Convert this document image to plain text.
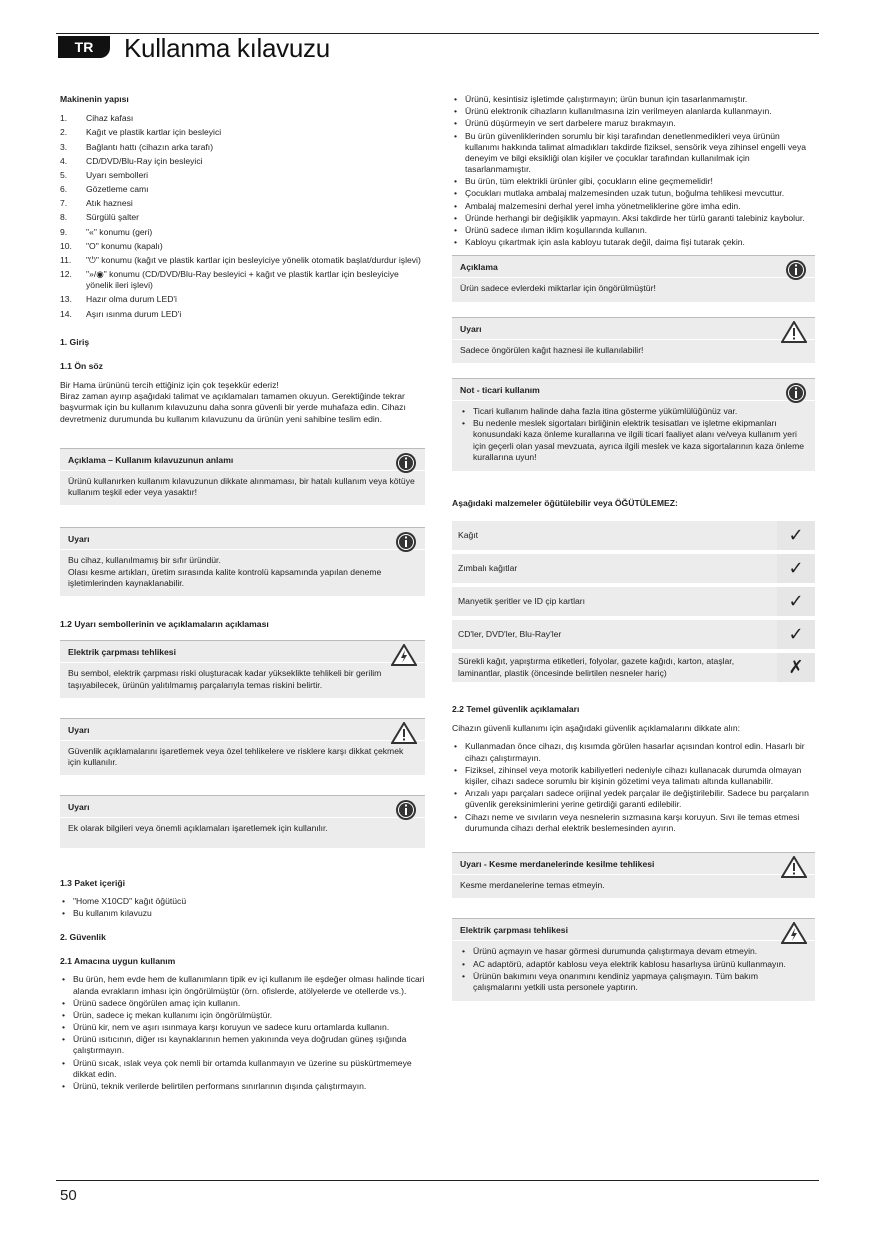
TR	Kullanma kılavuzu

Makinenin yapısı

1. Cihaz kafası
2. Kağıt ve plastik kartlar için besleyici
3. Bağlantı hattı (cihazın arka tarafı)
4. CD/DVD/Blu-Ray için besleyici
5. Uyarı sembolleri
6. Gözetleme camı
7. Atık haznesi
8. Sürgülü şalter
9. "«" konumu (geri)
10. "O" konumu (kapalı)
11. "⏻" konumu (kağıt ve plastik kartlar için besleyiciye yönelik otomatik başlat/durdur işlevi)
12. "»/◉" konumu (CD/DVD/Blu-Ray besleyici + kağıt ve plastik kartlar için besleyiciye yönelik ileri işlevi)
13. Hazır olma durum LED'i
14. Aşırı ısınma durum LED'i

1. Giriş

1.1 Ön söz

Bir Hama ürününü tercih ettiğiniz için çok teşekkür ederiz!

Biraz zaman ayırıp aşağıdaki talimat ve açıklamaları tamamen okuyun. Gerektiğinde tekrar başvurmak için bu kullanım kılavuzunu daha sonra güvenli bir yerde muhafaza edin. Cihazı devretmeniz durumunda bu kullanım kılavuzunu da ürünün yeni sahibine teslim edin.

Açıklama – Kullanım kılavuzunun anlamı

Ürünü kullanırken kullanım kılavuzunun dikkate alınmaması, bir hatalı kullanım veya kötüye kullanım teşkil eder veya yasaktır!

Uyarı

Bu cihaz, kullanılmamış bir sıfır üründür.

Olası kesme artıkları, üretim sırasında kalite kontrolü kapsamında yapılan deneme işletimlerinden kaynaklanabilir.

1.2 Uyarı sembollerinin ve açıklamaların açıklaması

Elektrik çarpması tehlikesi

Bu sembol, elektrik çarpması riski oluşturacak kadar yükseklikte tehlikeli bir gerilim taşıyabilecek, ürünün yalıtılmamış parçalarıyla temas riskini belirtir.

Uyarı

Güvenlik açıklamalarını işaretlemek veya özel tehlikelere ve risklere karşı dikkat çekmek için kullanılır.

Uyarı

Ek olarak bilgileri veya önemli açıklamaları işaretlemek için kullanılır.

1.3 Paket içeriği

• "Home X10CD" kağıt öğütücü
• Bu kullanım kılavuzu

2. Güvenlik

2.1 Amacına uygun kullanım

• Bu ürün, hem evde hem de kullanımların tipik ev içi kullanım ile eşdeğer olması halinde ticari alanda evrakların imhası için öngörülmüştür (örn. ofislerde, atölyelerde ve otellerde vs.).
• Ürünü sadece öngörülen amaç için kullanın.
• Ürün, sadece iç mekan kullanımı için öngörülmüştür.
• Ürünü kir, nem ve aşırı ısınmaya karşı koruyun ve sadece kuru ortamlarda kullanın.
• Ürünü ısıtıcının, diğer ısı kaynaklarının hemen yakınında veya doğrudan güneş ışığında çalıştırmayın.
• Ürünü sıcak, ıslak veya çok nemli bir ortamda kullanmayın ve üzerine su püskürtmemeye dikkat edin.
• Ürünü, teknik verilerde belirtilen performans sınırlarının dışında çalıştırmayın.
• Ürünü, kesintisiz işletimde çalıştırmayın; ürün bunun için tasarlanmamıştır.
• Ürünü elektronik cihazların kullanılmasına izin verilmeyen alanlarda kullanmayın.
• Ürünü düşürmeyin ve sert darbelere maruz bırakmayın.
• Bu ürün güvenliklerinden sorumlu bir kişi tarafından denetlenmedikleri veya ürünün kullanımı hakkında talimat almadıkları takdirde fiziksel, sensörik veya zihinsel engelli veya deneyim ve bilgi eksikliği olan kişiler ve çocuklar tarafından kullanılmak için tasarlanmamıştır.
• Bu ürün, tüm elektrikli ürünler gibi, çocukların eline geçmemelidir!
• Çocukları mutlaka ambalaj malzemesinden uzak tutun, boğulma tehlikesi mevcuttur.
• Ambalaj malzemesini derhal yerel imha yönetmeliklerine göre imha edin.
• Üründe herhangi bir değişiklik yapmayın. Aksi takdirde her türlü garanti talebiniz kaybolur.
• Ürünü sadece ılıman iklim koşullarında kullanın.
• Kabloyu çıkartmak için asla kabloyu tutarak değil, daima fişi tutarak çekin.
Açıklama

Ürün sadece evlerdeki miktarlar için öngörülmüştür!

Uyarı

Sadece öngörülen kağıt haznesi ile kullanılabilir!

Not - ticari kullanım
• Ticari kullanım halinde daha fazla itina gösterme yükümlülüğünüz var.
• Bu nedenle meslek sigortaları birliğinin elektrik tesisatları ve işletme ekipmanları konusundaki kaza önleme kurallarına ve ilgili ticari faaliyet alanı ve/veya kullanım yeri için geçerli olan yasal mevzuata, ayrıca ilgili meslek ve kaza sigortalarının kaza önleme kurallarına uyun!

Aşağıdaki malzemeler öğütülebilir veya ÖĞÜTÜLEMEZ:

Kağıt	✓
Zımbalı kağıtlar	✓
Manyetik şeritler ve ID çip kartları	✓
CD'ler, DVD'ler, Blu-Ray'ler	✓
Sürekli kağıt, yapıştırma etiketleri, folyolar, gazete kağıdı, karton, ataşlar, laminantlar, plastik (öncesinde belirtilen nesneler hariç)	✗

2.2 Temel güvenlik açıklamaları

Cihazın güvenli kullanımı için aşağıdaki güvenlik açıklamalarını dikkate alın:

• Kullanmadan önce cihazı, dış kısımda görülen hasarlar açısından kontrol edin. Hasarlı bir cihazı çalıştırmayın.
• Fiziksel, zihinsel veya motorik kabiliyetleri nedeniyle cihazı kullanacak durumda olmayan kişiler, cihazı sadece sorumlu bir kişinin gözetimi veya talimatı altında kullanabilir.
• Arızalı yapı parçaları sadece orijinal yedek parçalar ile değiştirilebilir. Sadece bu parçaların güvenlik gereksinimlerini yerine getirdiği garanti edilebilir.
• Cihazı neme ve sıvıların veya nesnelerin sızmasına karşı koruyun. Sıvı ile temas etmesi durumunda cihazı derhal elektrik beslemesinden ayırın.
Uyarı - Kesme merdanelerinde kesilme tehlikesi

Kesme merdanelerine temas etmeyin.

Elektrik çarpması tehlikesi
• Ürünü açmayın ve hasar görmesi durumunda çalıştırmaya devam etmeyin.
• AC adaptörü, adaptör kablosu veya elektrik kablosu hasarlıysa ürünü kullanmayın.
• Ürünün bakımını veya onarımını kendiniz yapmaya çalışmayın. Tüm bakım çalışmalarını yetkili usta personele yaptırın.
50
